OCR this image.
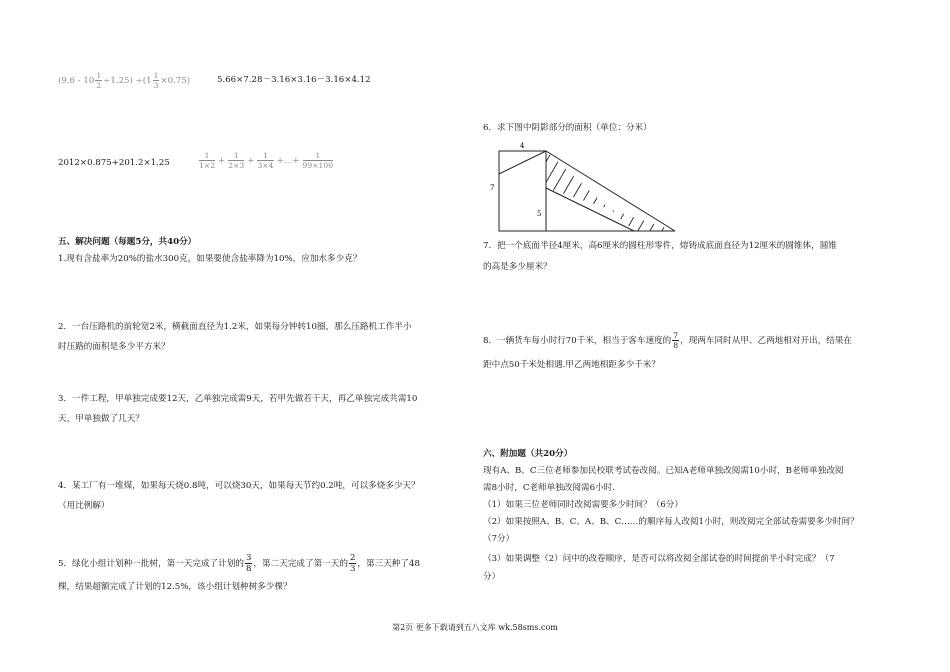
$(9.6 - 10 \frac{1}{2} \div 1.25) \div(1 \frac{1}{3} \times 0.75)$	5.66×7.28－3.16×3.16－3.16×4.12
2012×0.875+201.2×1.25	$\frac{1}{1\times 2} + \frac{1}{2\times 3} + \frac{1}{3\times 4}$ +…+ $\frac{1}{99\times 100}$
五、解决问题（每题5分，共40分）
1.现有含盐率为20%的盐水300克，如果要使含盐率降为10%，应加水多少克？
2．一台压路机的前轮宽2米，横截面直径为1.2米，如果每分钟转10圈，那么压路机工作半小
时压路的面积是多少平方米？
3．一件工程，甲单独完成要12天，乙单独完成需9天，若甲先做若干天，再乙单独完成共需10
天，甲单独做了几天？
4．某工厂有一堆煤，如果每天烧0.8吨，可以烧30天，如果每天节约0.2吨，可以多烧多少天？
（用比例解）
5．绿化小组计划种一批树，第一天完成了计划的 $\frac{3}{8}$ ，第二天完成了第一天的 $\frac{2}{3}$ ，第三天种了48
棵，结果超额完成了计划的12.5%，该小组计划种树多少棵？
6．求下图中阴影部分的面积（单位：分米）
4
7
5
7．把一个底面半径4厘米，高6厘米的圆柱形零件，熔铸成底面直径为12厘米的圆锥体，圆锥
的高是多少厘米？
8．一辆货车每小时行70千米，相当于客车速度的 $\frac{7}{8}$ ，现两车同时从甲、乙两地相对开出，结果在
距中点50千米处相遇.甲乙两地相距多少千米？
六、附加题（共20分）
现有A、B、C三位老师参加民校联考试卷改阅。已知A老师单独改阅需10小时，B老师单独改阅
需8小时，C老师单独改阅需6小时.
（1）如果三位老师同时改阅需要多少时间？（6分）
（2）如果按照A、B、C、A、B、C……的顺序每人改阅1小时，则改阅完全部试卷需要多少时间？
（7分）
（3）如果调整（2）问中的改卷顺序，是否可以将改阅全部试卷的时间提前半小时完成？（7
分）
第2页 更多下载请到五八文库 wk.58sms.com
